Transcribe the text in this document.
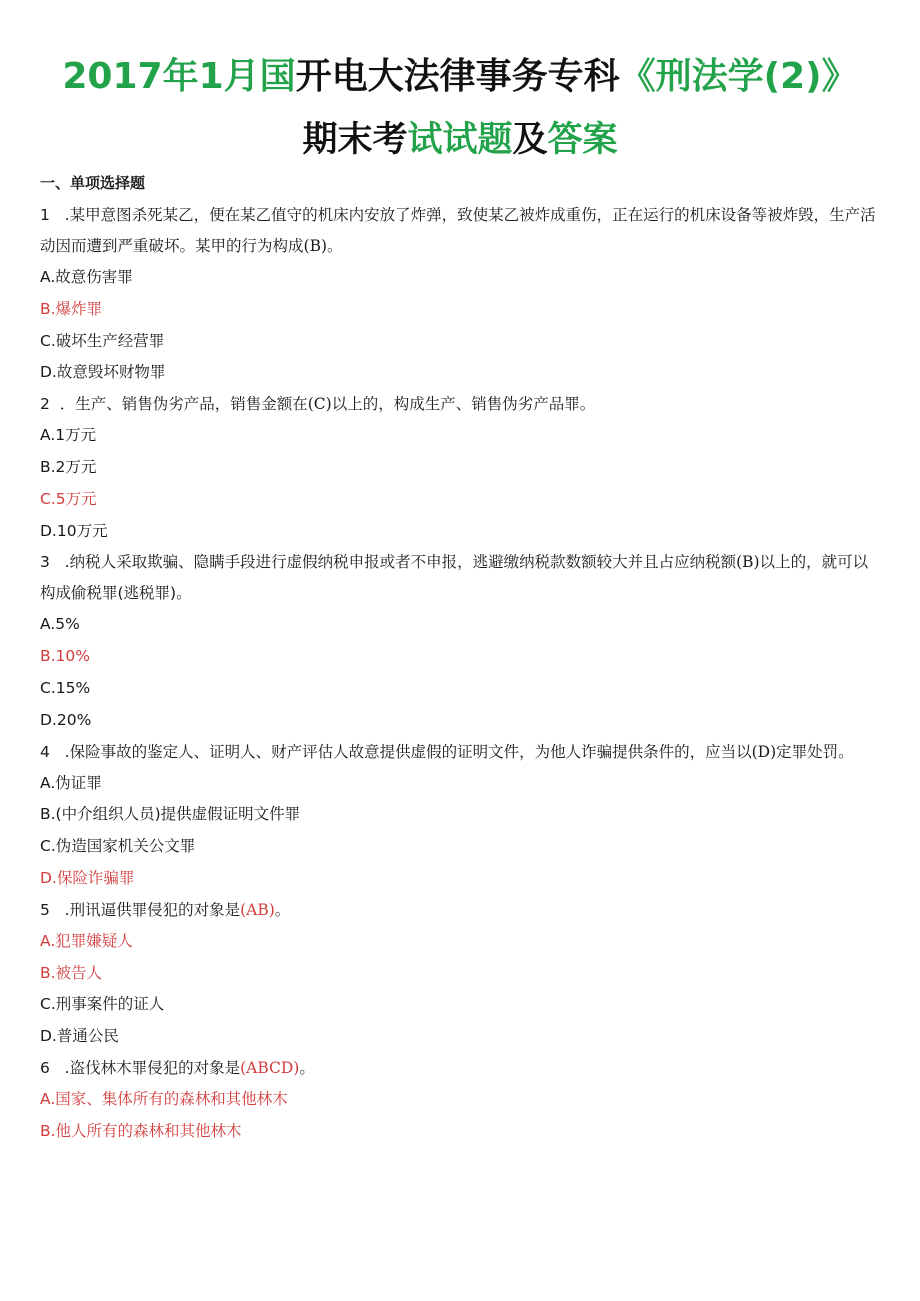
2017年1月国开电大法律事务专科《刑法学(2)》
期末考试试题及答案
一、单项选择题

1 .某甲意图杀死某乙，便在某乙值守的机床内安放了炸弹，致使某乙被炸成重伤，正在运行的机床设备等被炸毁，生产活动因而遭到严重破坏。某甲的行为构成(B)。

A.故意伤害罪

B.爆炸罪

C.破坏生产经营罪

D.故意毁坏财物罪

2 ．生产、销售伪劣产品，销售金额在(C)以上的，构成生产、销售伪劣产品罪。

A.1万元

B.2万元

C.5万元

D.10万元

3 .纳税人采取欺骗、隐瞒手段进行虚假纳税申报或者不申报，逃避缴纳税款数额较大并且占应纳税额(B)以上的，就可以构成偷税罪(逃税罪)。

A.5%

B.10%

C.15%

D.20%

4 .保险事故的鉴定人、证明人、财产评估人故意提供虚假的证明文件，为他人诈骗提供条件的，应当以(D)定罪处罚。

A.伪证罪

B.(中介组织人员)提供虚假证明文件罪

C.伪造国家机关公文罪

D.保险诈骗罪

5 .刑讯逼供罪侵犯的对象是(AB)。

A.犯罪嫌疑人

B.被告人

C.刑事案件的证人

D.普通公民

6 .盗伐林木罪侵犯的对象是(ABCD)。

A.国家、集体所有的森林和其他林木

B.他人所有的森林和其他林木
